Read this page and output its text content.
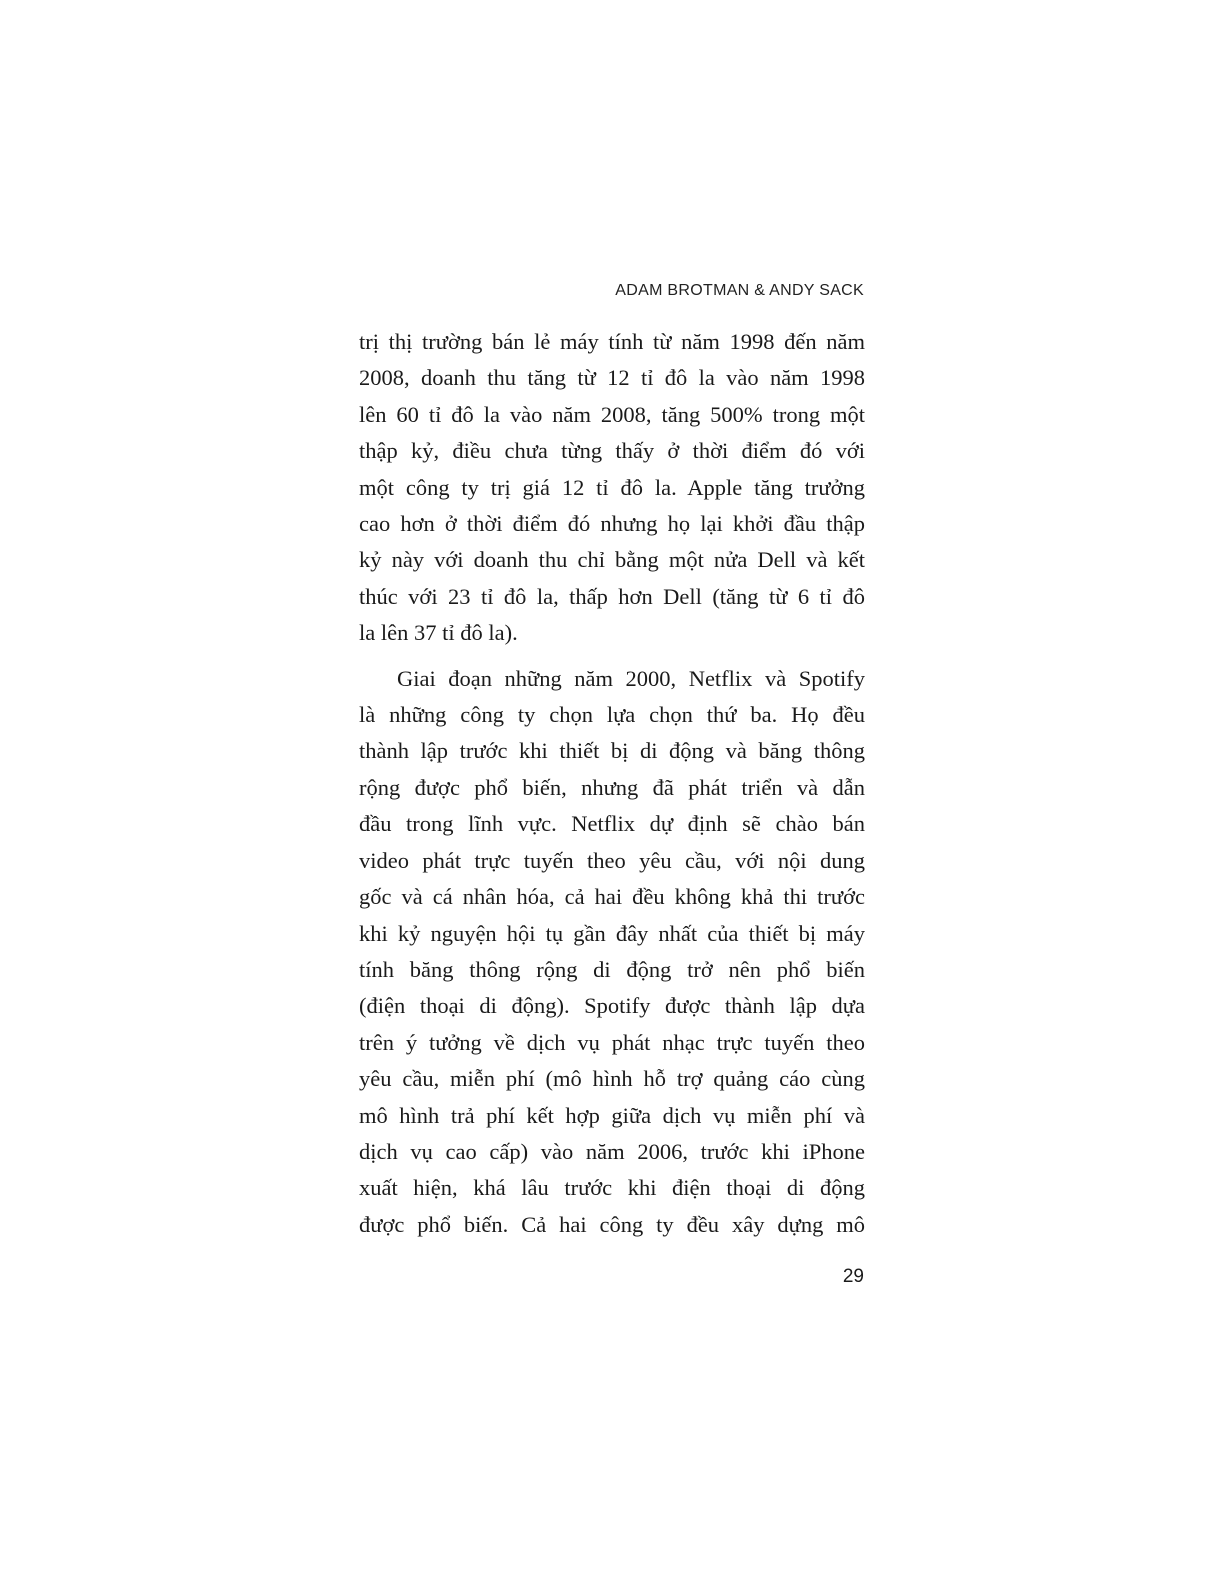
ADAM BROTMAN & ANDY SACK

trị thị trường bán lẻ máy tính từ năm 1998 đến năm
2008, doanh thu tăng từ 12 tỉ đô la vào năm 1998
lên 60 tỉ đô la vào năm 2008, tăng 500% trong một
thập kỷ, điều chưa từng thấy ở thời điểm đó với
một công ty trị giá 12 tỉ đô la. Apple tăng trưởng
cao hơn ở thời điểm đó nhưng họ lại khởi đầu thập
kỷ này với doanh thu chỉ bằng một nửa Dell và kết
thúc với 23 tỉ đô la, thấp hơn Dell (tăng từ 6 tỉ đô
la lên 37 tỉ đô la).

Giai đoạn những năm 2000, Netflix và Spotify
là những công ty chọn lựa chọn thứ ba. Họ đều
thành lập trước khi thiết bị di động và băng thông
rộng được phổ biến, nhưng đã phát triển và dẫn
đầu trong lĩnh vực. Netflix dự định sẽ chào bán
video phát trực tuyến theo yêu cầu, với nội dung
gốc và cá nhân hóa, cả hai đều không khả thi trước
khi kỷ nguyện hội tụ gần đây nhất của thiết bị máy
tính băng thông rộng di động trở nên phổ biến
(điện thoại di động). Spotify được thành lập dựa
trên ý tưởng về dịch vụ phát nhạc trực tuyến theo
yêu cầu, miễn phí (mô hình hỗ trợ quảng cáo cùng
mô hình trả phí kết hợp giữa dịch vụ miễn phí và
dịch vụ cao cấp) vào năm 2006, trước khi iPhone
xuất hiện, khá lâu trước khi điện thoại di động
được phổ biến. Cả hai công ty đều xây dựng mô

29
